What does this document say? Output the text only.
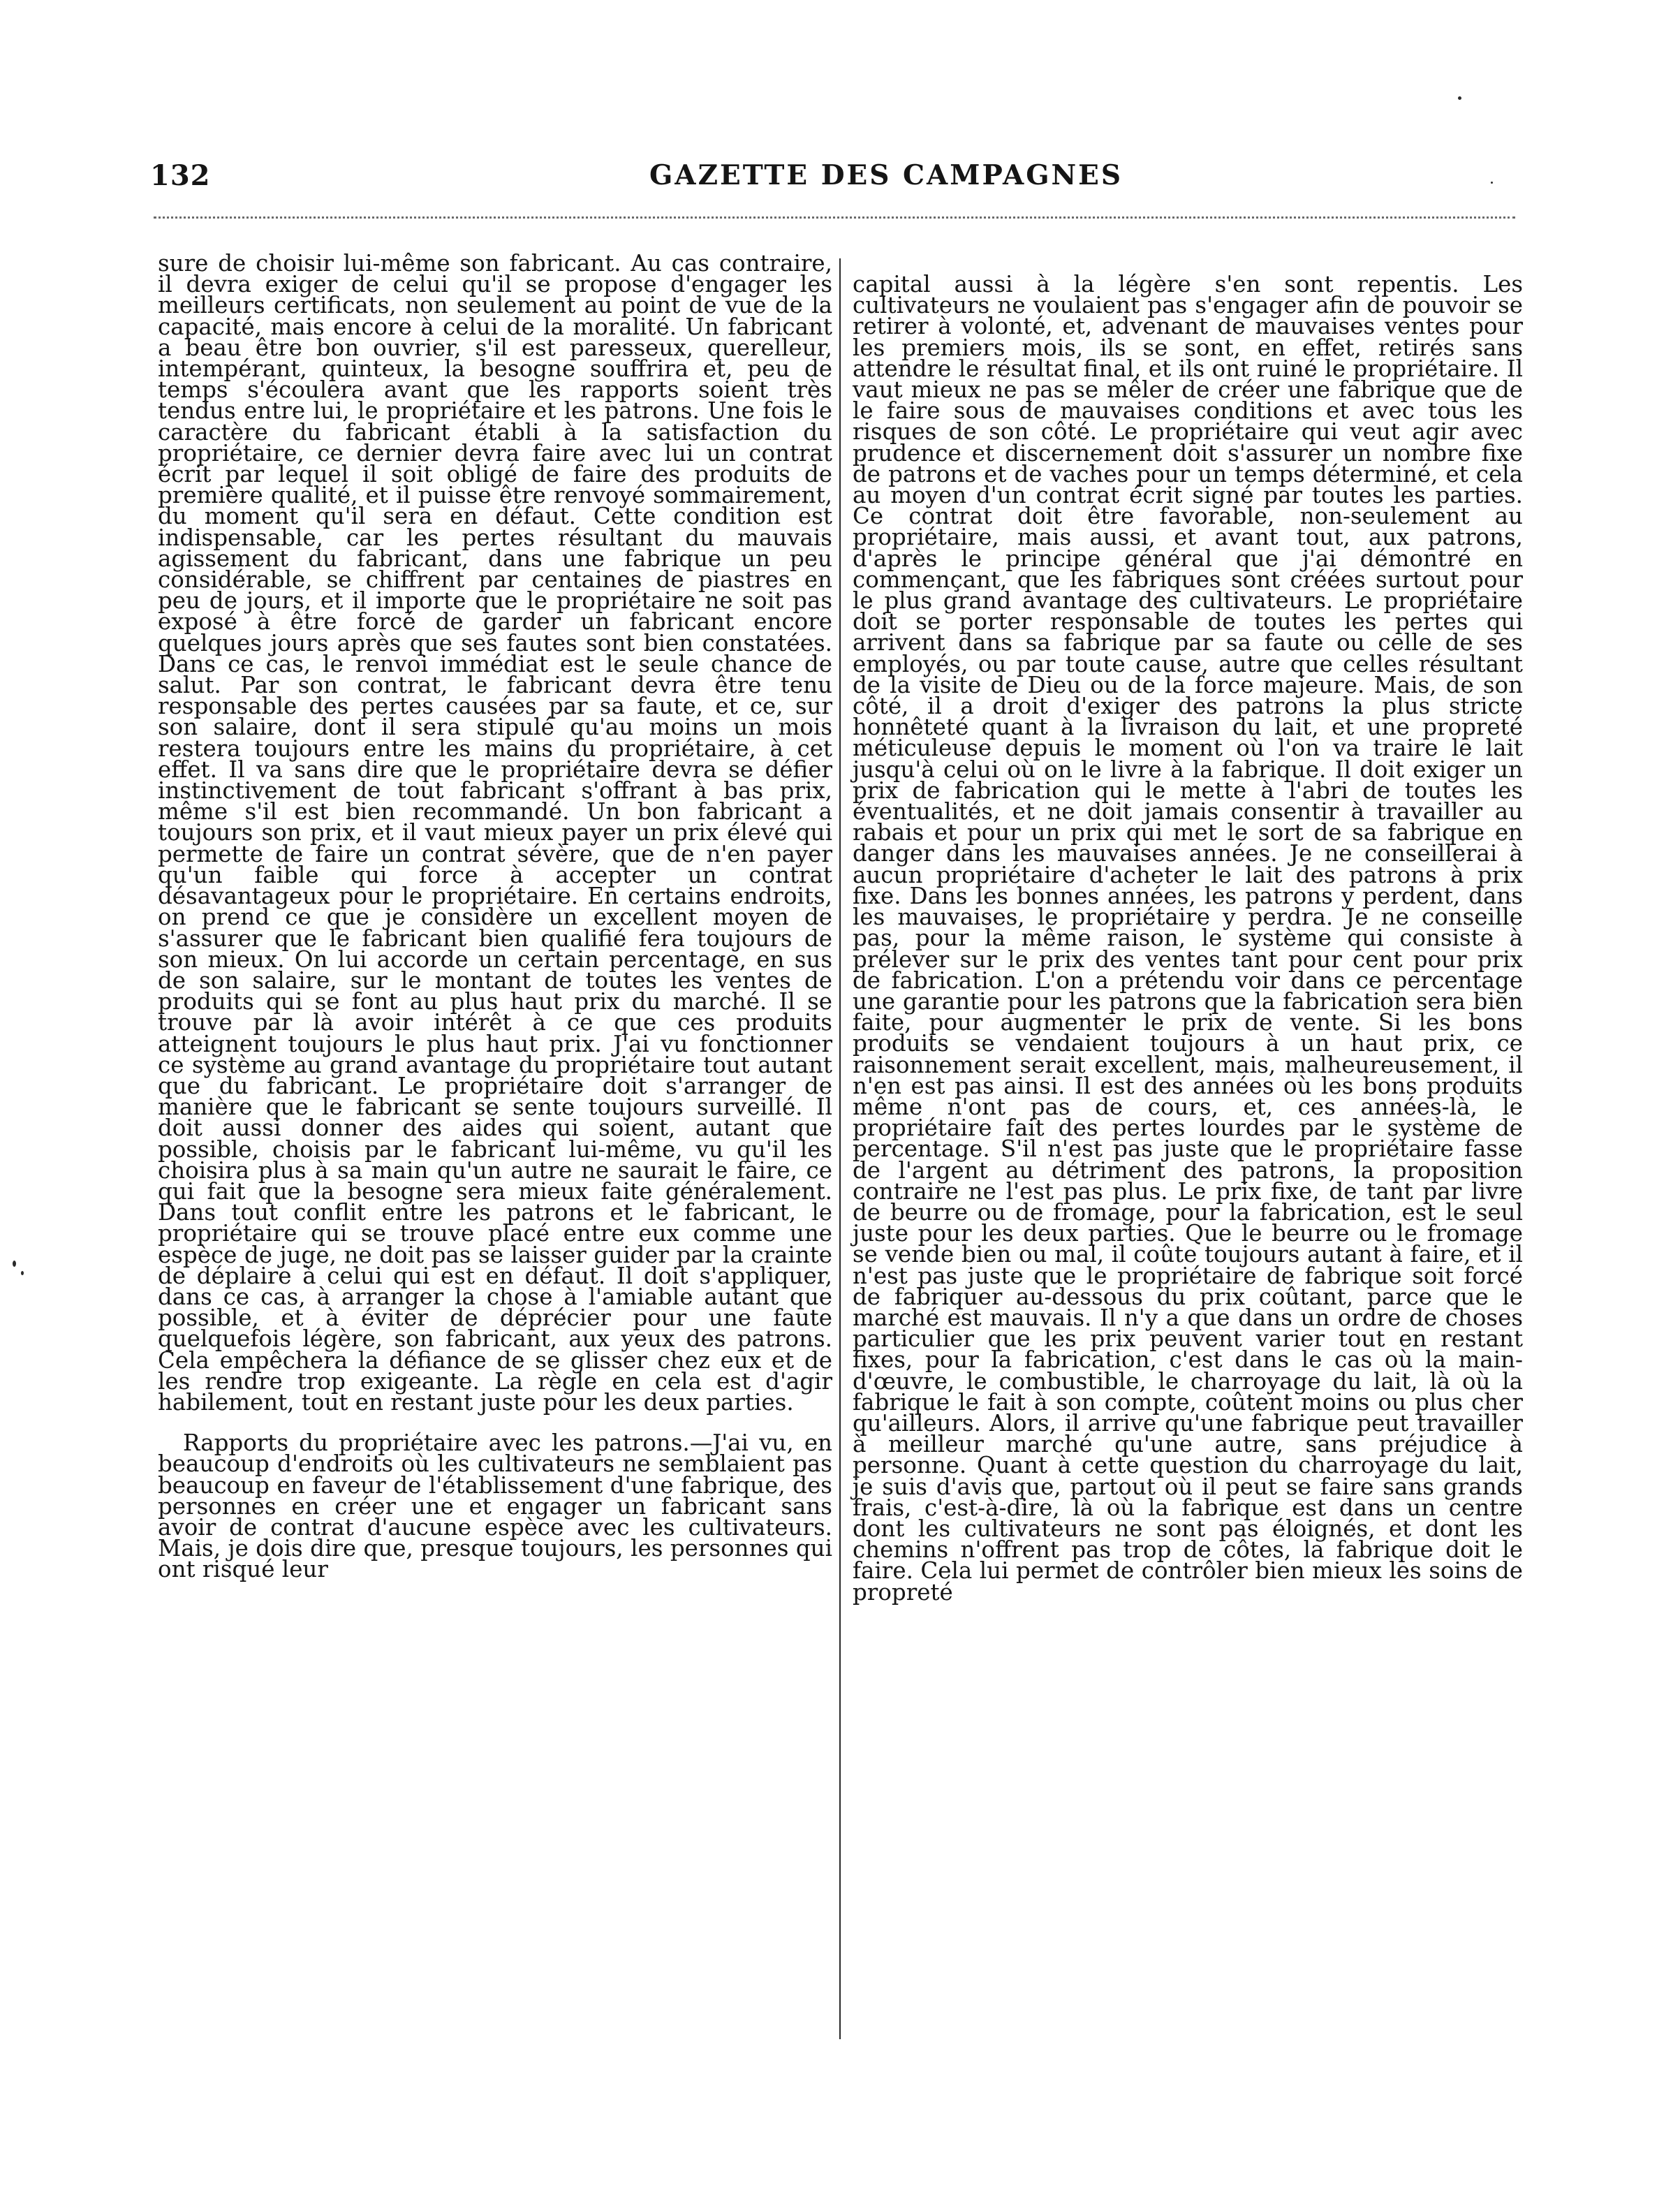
132	GAZETTE DES CAMPAGNES

sure de choisir lui-même son fabricant. Au cas contraire, il devra exiger de celui qu'il se propose d'engager les meilleurs certificats, non seulement au point de vue de la capacité, mais encore à celui de la moralité. Un fabricant a beau être bon ouvrier, s'il est paresseux, querelleur, intempérant, quinteux, la besogne souffrira et, peu de temps s'écoulera avant que les rapports soient très tendus entre lui, le propriétaire et les patrons. Une fois le caractère du fabricant établi à la satisfaction du propriétaire, ce dernier devra faire avec lui un contrat écrit par lequel il soit obligé de faire des produits de première qualité, et il puisse être renvoyé sommairement, du moment qu'il sera en défaut. Cette condition est indispensable, car les pertes résultant du mauvais agissement du fabricant, dans une fabrique un peu considérable, se chiffrent par centaines de piastres en peu de jours, et il importe que le propriétaire ne soit pas exposé à être forcé de garder un fabricant encore quelques jours après que ses fautes sont bien constatées. Dans ce cas, le renvoi immédiat est le seule chance de salut. Par son contrat, le fabricant devra être tenu responsable des pertes causées par sa faute, et ce, sur son salaire, dont il sera stipulé qu'au moins un mois restera toujours entre les mains du propriétaire, à cet effet. Il va sans dire que le propriétaire devra se défier instinctivement de tout fabricant s'offrant à bas prix, même s'il est bien recommandé. Un bon fabricant a toujours son prix, et il vaut mieux payer un prix élevé qui permette de faire un contrat sévère, que de n'en payer qu'un faible qui force à accepter un contrat désavantageux pour le propriétaire. En certains endroits, on prend ce que je considère un excellent moyen de s'assurer que le fabricant bien qualifié fera toujours de son mieux. On lui accorde un certain percentage, en sus de son salaire, sur le montant de toutes les ventes de produits qui se font au plus haut prix du marché. Il se trouve par là avoir intérêt à ce que ces produits atteignent toujours le plus haut prix. J'ai vu fonctionner ce système au grand avantage du propriétaire tout autant que du fabricant. Le propriétaire doit s'arranger de manière que le fabricant se sente toujours surveillé. Il doit aussi donner des aides qui soient, autant que possible, choisis par le fabricant lui-même, vu qu'il les choisira plus à sa main qu'un autre ne saurait le faire, ce qui fait que la besogne sera mieux faite généralement. Dans tout conflit entre les patrons et le fabricant, le propriétaire qui se trouve placé entre eux comme une espèce de juge, ne doit pas se laisser guider par la crainte de déplaire à celui qui est en défaut. Il doit s'appliquer, dans ce cas, à arranger la chose à l'amiable autant que possible, et à éviter de déprécier pour une faute quelquefois légère, son fabricant, aux yeux des patrons. Cela empêchera la défiance de se glisser chez eux et de les rendre trop exigeante. La règle en cela est d'agir habilement, tout en restant juste pour les deux parties.

Rapports du propriétaire avec les patrons.—J'ai vu, en beaucoup d'endroits où les cultivateurs ne semblaient pas beaucoup en faveur de l'établissement d'une fabrique, des personnes en créer une et engager un fabricant sans avoir de contrat d'aucune espèce avec les cultivateurs. Mais, je dois dire que, presque toujours, les personnes qui ont risqué leur

capital aussi à la légère s'en sont repentis. Les cultivateurs ne voulaient pas s'engager afin de pouvoir se retirer à volonté, et, advenant de mauvaises ventes pour les premiers mois, ils se sont, en effet, retirés sans attendre le résultat final, et ils ont ruiné le propriétaire. Il vaut mieux ne pas se mêler de créer une fabrique que de le faire sous de mauvaises conditions et avec tous les risques de son côté. Le propriétaire qui veut agir avec prudence et discernement doit s'assurer un nombre fixe de patrons et de vaches pour un temps déterminé, et cela au moyen d'un contrat écrit signé par toutes les parties. Ce contrat doit être favorable, non-seulement au propriétaire, mais aussi, et avant tout, aux patrons, d'après le principe général que j'ai démontré en commençant, que les fabriques sont créées surtout pour le plus grand avantage des cultivateurs. Le propriétaire doit se porter responsable de toutes les pertes qui arrivent dans sa fabrique par sa faute ou celle de ses employés, ou par toute cause, autre que celles résultant de la visite de Dieu ou de la force majeure. Mais, de son côté, il a droit d'exiger des patrons la plus stricte honnêteté quant à la livraison du lait, et une propreté méticuleuse depuis le moment où l'on va traire le lait jusqu'à celui où on le livre à la fabrique. Il doit exiger un prix de fabrication qui le mette à l'abri de toutes les éventualités, et ne doit jamais consentir à travailler au rabais et pour un prix qui met le sort de sa fabrique en danger dans les mauvaises années. Je ne conseillerai à aucun propriétaire d'acheter le lait des patrons à prix fixe. Dans les bonnes années, les patrons y perdent, dans les mauvaises, le propriétaire y perdra. Je ne conseille pas, pour la même raison, le système qui consiste à prélever sur le prix des ventes tant pour cent pour prix de fabrication. L'on a prétendu voir dans ce percentage une garantie pour les patrons que la fabrication sera bien faite, pour augmenter le prix de vente. Si les bons produits se vendaient toujours à un haut prix, ce raisonnement serait excellent, mais, malheureusement, il n'en est pas ainsi. Il est des années où les bons produits même n'ont pas de cours, et, ces années-là, le propriétaire fait des pertes lourdes par le système de percentage. S'il n'est pas juste que le propriétaire fasse de l'argent au détriment des patrons, la proposition contraire ne l'est pas plus. Le prix fixe, de tant par livre de beurre ou de fromage, pour la fabrication, est le seul juste pour les deux parties. Que le beurre ou le fromage se vende bien ou mal, il coûte toujours autant à faire, et il n'est pas juste que le propriétaire de fabrique soit forcé de fabriquer au-dessous du prix coûtant, parce que le marché est mauvais. Il n'y a que dans un ordre de choses particulier que les prix peuvent varier tout en restant fixes, pour la fabrication, c'est dans le cas où la main-d'œuvre, le combustible, le charroyage du lait, là où la fabrique le fait à son compte, coûtent moins ou plus cher qu'ailleurs. Alors, il arrive qu'une fabrique peut travailler à meilleur marché qu'une autre, sans préjudice à personne. Quant à cette question du charroyage du lait, je suis d'avis que, partout où il peut se faire sans grands frais, c'est-à-dire, là où la fabrique est dans un centre dont les cultivateurs ne sont pas éloignés, et dont les chemins n'offrent pas trop de côtes, la fabrique doit le faire. Cela lui permet de contrôler bien mieux les soins de propreté
